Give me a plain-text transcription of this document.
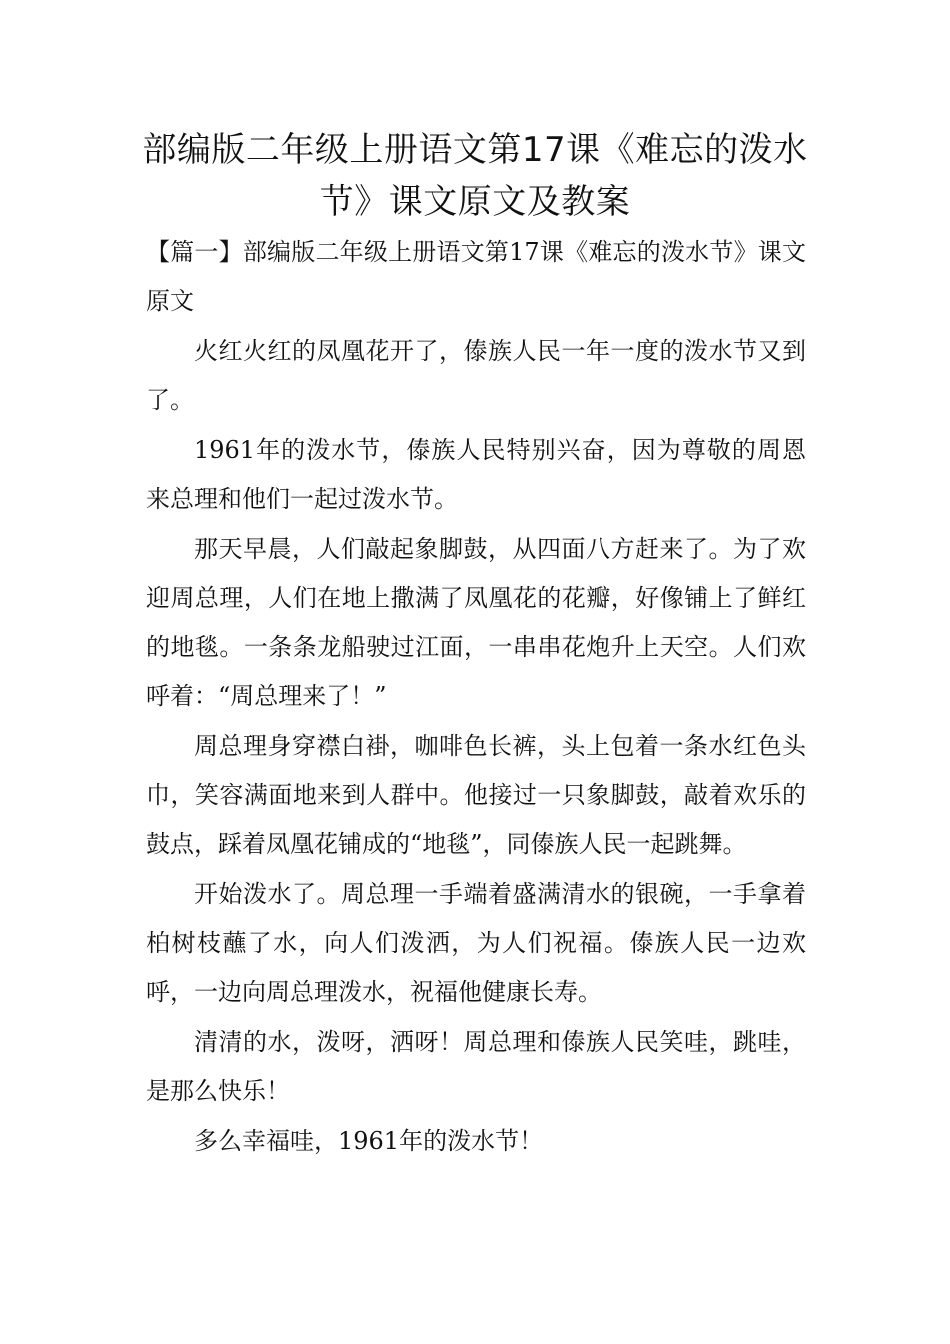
部编版二年级上册语文第17课《难忘的泼水节》课文原文及教案

【篇一】部编版二年级上册语文第17课《难忘的泼水节》课文原文

火红火红的凤凰花开了，傣族人民一年一度的泼水节又到了。

1961年的泼水节，傣族人民特别兴奋，因为尊敬的周恩来总理和他们一起过泼水节。

那天早晨，人们敲起象脚鼓，从四面八方赶来了。为了欢迎周总理，人们在地上撒满了凤凰花的花瓣，好像铺上了鲜红的地毯。一条条龙船驶过江面，一串串花炮升上天空。人们欢呼着：“周总理来了！”

周总理身穿襟白褂，咖啡色长裤，头上包着一条水红色头巾，笑容满面地来到人群中。他接过一只象脚鼓，敲着欢乐的鼓点，踩着凤凰花铺成的“地毯”，同傣族人民一起跳舞。

开始泼水了。周总理一手端着盛满清水的银碗，一手拿着柏树枝蘸了水，向人们泼洒，为人们祝福。傣族人民一边欢呼，一边向周总理泼水，祝福他健康长寿。

清清的水，泼呀，洒呀！周总理和傣族人民笑哇，跳哇，是那么快乐！

多么幸福哇，1961年的泼水节！
